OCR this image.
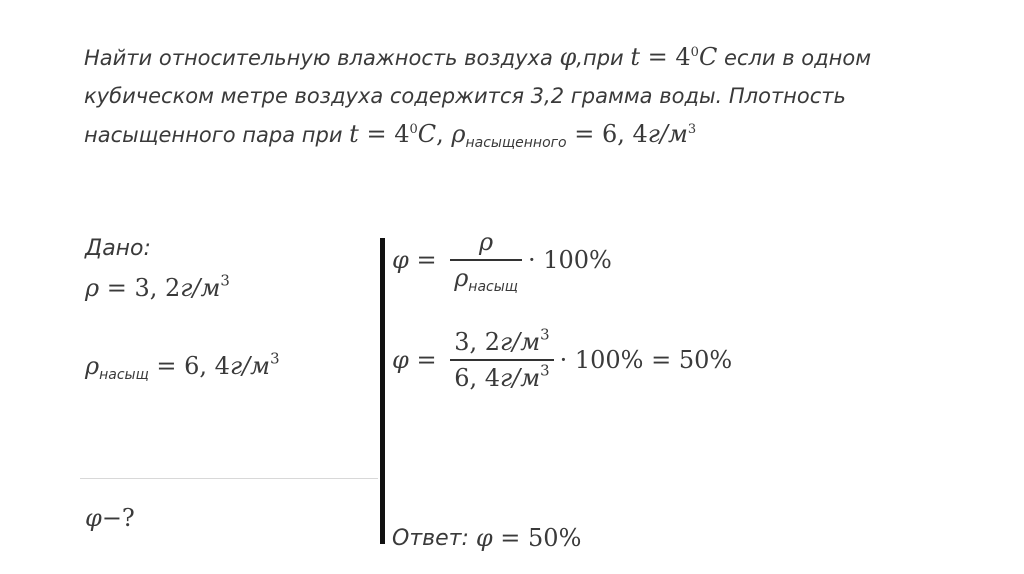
Найти относительную влажность воздуха φ,при $t = 4^0C$ если в одном
кубическом метре воздуха содержится 3,2 грамма воды. Плотность
насыщенного пара при $t = 4^0C$, $\rho_{насыщенного} = 6$, $4г/м^3$
Дано:
ρ = 3, $2г/м^3$
$\rho_{насыщ} = 6$, $4г/м^3$
φ−?
$\varphi = \frac{\rho}{\rho_{насыщ}} \cdot 100\%$
$\varphi = \frac{3, 2г/м^3}{6, 4г/м^3} \cdot 100\% = 50\%$
Ответ: φ = 50%
